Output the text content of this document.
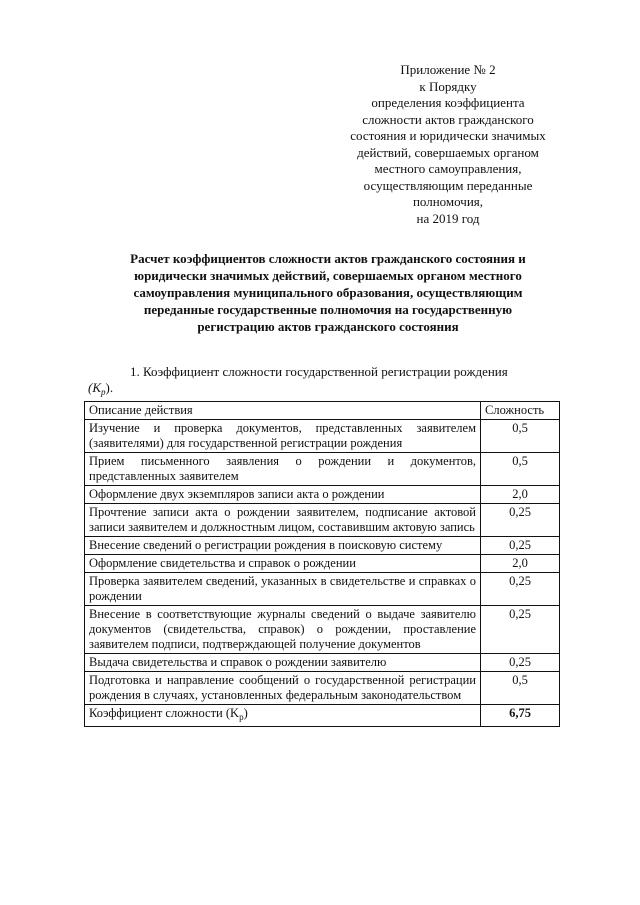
Приложение № 2
к Порядку
определения коэффициента
сложности актов гражданского
состояния и юридически значимых
действий, совершаемых органом
местного самоуправления,
осуществляющим переданные
полномочия,
на 2019 год
Расчет коэффициентов сложности актов гражданского состояния и
юридически значимых действий, совершаемых органом местного
самоуправления муниципального образования, осуществляющим
переданные государственные полномочия на государственную
регистрацию актов гражданского состояния
1. Коэффициент сложности государственной регистрации рождения
$(K_р)$.
Описание действия	Сложность
Изучение и проверка документов, представленных заявителем (заявителями) для государственной регистрации рождения	0,5
Прием письменного заявления о рождении и документов, представленных заявителем	0,5
Оформление двух экземпляров записи акта о рождении	2,0
Прочтение записи акта о рождении заявителем, подписание актовой записи заявителем и должностным лицом, составившим актовую запись	0,25
Внесение сведений о регистрации рождения в поисковую систему	0,25
Оформление свидетельства и справок о рождении	2,0
Проверка заявителем сведений, указанных в свидетельстве и справках о рождении	0,25
Внесение в соответствующие журналы сведений о выдаче заявителю документов (свидетельства, справок) о рождении, проставление заявителем подписи, подтверждающей получение документов	0,25
Выдача свидетельства и справок о рождении заявителю	0,25
Подготовка и направление сообщений о государственной регистрации рождения в случаях, установленных федеральным законодательством	0,5
Коэффициент сложности $(K_р)$	6,75
